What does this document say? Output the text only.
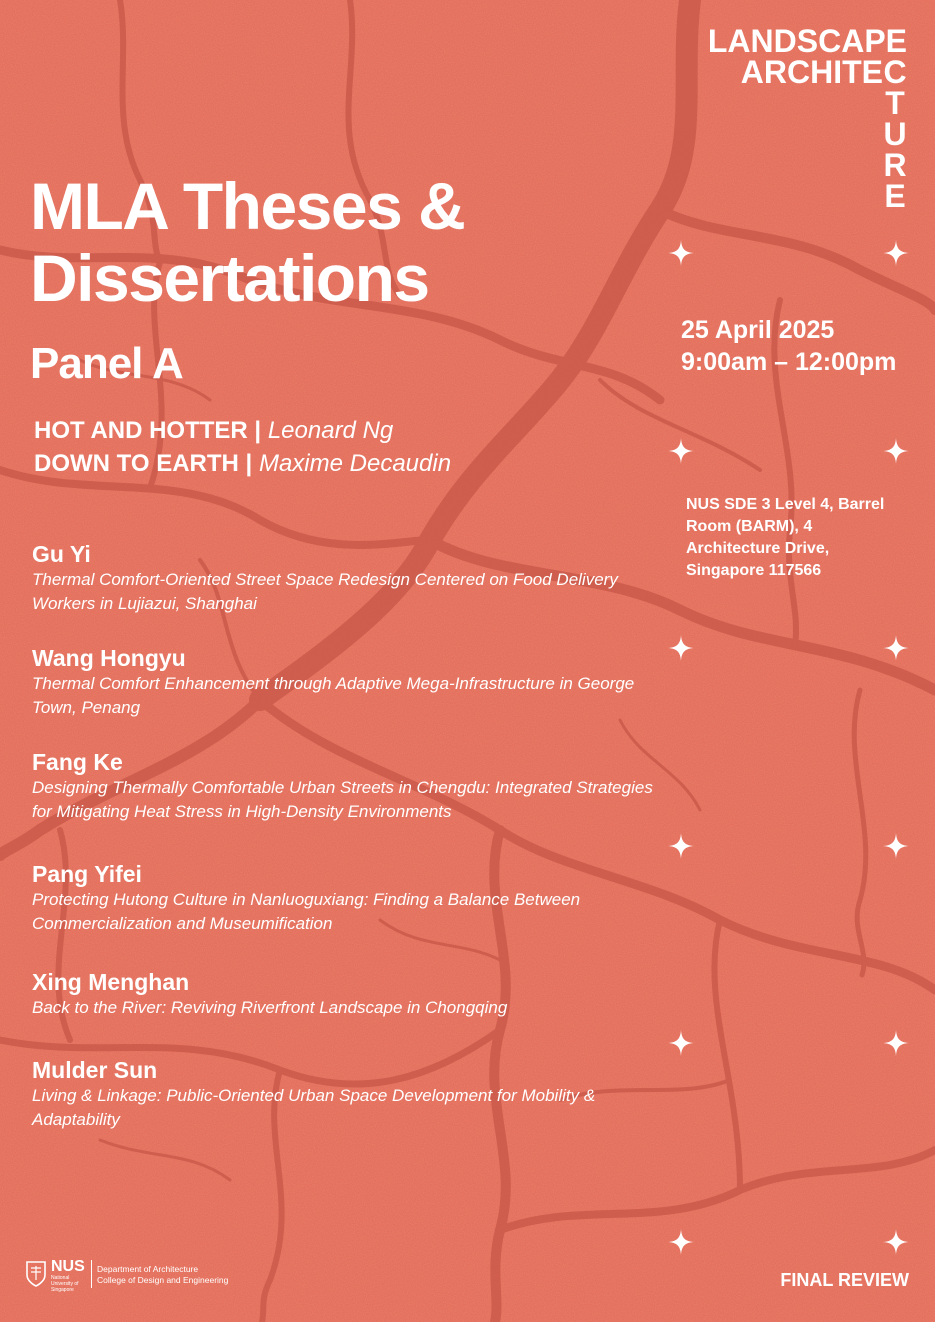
LANDSCAPE
ARCHITE C
T
U
R
E
MLA Theses &
Dissertations
Panel A
HOT AND HOTTER | Leonard Ng
DOWN TO EARTH | Maxime Decaudin
25 April 2025
9:00am – 12:00pm
NUS SDE 3 Level 4, Barrel Room (BARM), 4 Architecture Drive, Singapore 117566
Gu Yi
Thermal Comfort-Oriented Street Space Redesign Centered on Food Delivery Workers in Lujiazui, Shanghai
Wang Hongyu
Thermal Comfort Enhancement through Adaptive Mega-Infrastructure in George Town, Penang
Fang Ke
Designing Thermally Comfortable Urban Streets in Chengdu: Integrated Strategies for Mitigating Heat Stress in High-Density Environments
Pang Yifei
Protecting Hutong Culture in Nanluoguxiang: Finding a Balance Between Commercialization and Museumification
Xing Menghan
Back to the River: Reviving Riverfront Landscape in Chongqing
Mulder Sun
Living & Linkage: Public-Oriented Urban Space Development for Mobility & Adaptability
NUS
National University of Singapore
Department of Architecture
College of Design and Engineering	FINAL REVIEW
